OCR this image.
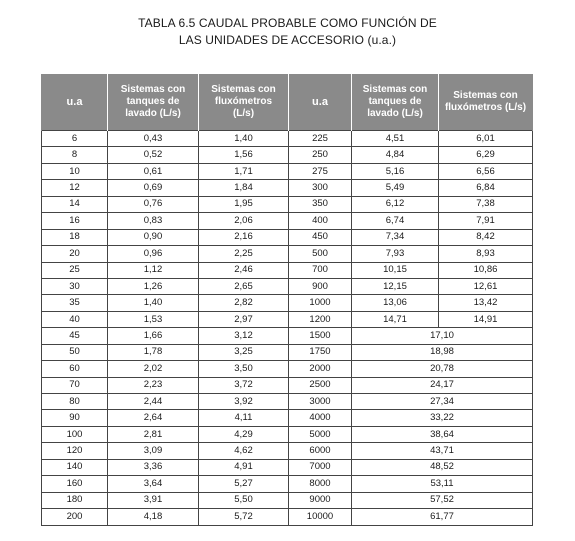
TABLA 6.5 CAUDAL PROBABLE COMO FUNCIÓN DE
LAS UNIDADES DE ACCESORIO (u.a.)
u.a	Sistemas con tanques de lavado (L/s)	Sistemas con fluxómetros (L/s)	u.a	Sistemas con tanques de lavado (L/s)	Sistemas con fluxómetros (L/s)
6	0,43	1,40	225	4,51	6,01
8	0,52	1,56	250	4,84	6,29
10	0,61	1,71	275	5,16	6,56
12	0,69	1,84	300	5,49	6,84
14	0,76	1,95	350	6,12	7,38
16	0,83	2,06	400	6,74	7,91
18	0,90	2,16	450	7,34	8,42
20	0,96	2,25	500	7,93	8,93
25	1,12	2,46	700	10,15	10,86
30	1,26	2,65	900	12,15	12,61
35	1,40	2,82	1000	13,06	13,42
40	1,53	2,97	1200	14,71	14,91
45	1,66	3,12	1500	17,10	
50	1,78	3,25	1750	18,98	
60	2,02	3,50	2000	20,78	
70	2,23	3,72	2500	24,17	
80	2,44	3,92	3000	27,34	
90	2,64	4,11	4000	33,22	
100	2,81	4,29	5000	38,64	
120	3,09	4,62	6000	43,71	
140	3,36	4,91	7000	48,52	
160	3,64	5,27	8000	53,11	
180	3,91	5,50	9000	57,52	
200	4,18	5,72	10000	61,77	
